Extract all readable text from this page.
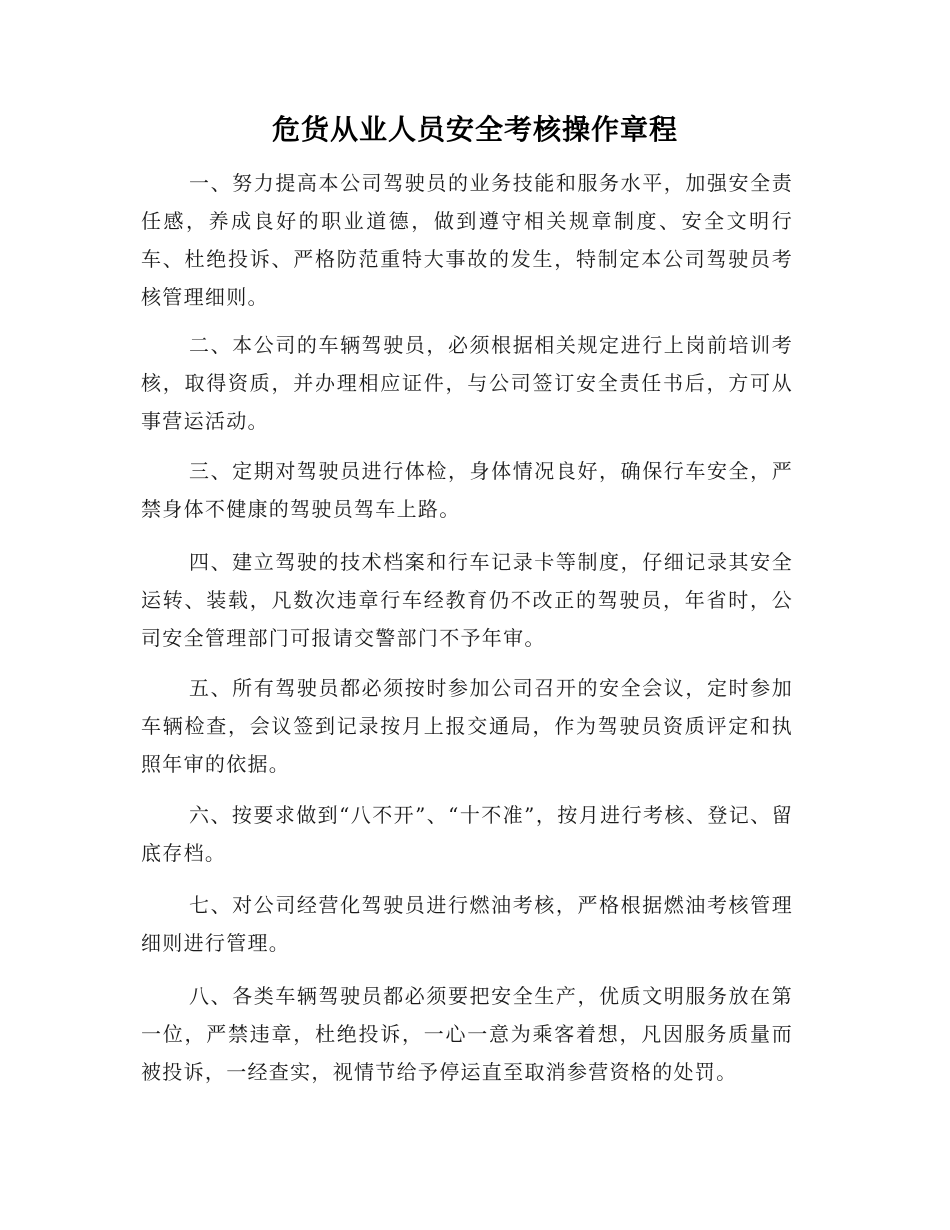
危货从业人员安全考核操作章程

一、努力提高本公司驾驶员的业务技能和服务水平，加强安全责任感，养成良好的职业道德，做到遵守相关规章制度、安全文明行车、杜绝投诉、严格防范重特大事故的发生，特制定本公司驾驶员考核管理细则。

二、本公司的车辆驾驶员，必须根据相关规定进行上岗前培训考核，取得资质，并办理相应证件，与公司签订安全责任书后，方可从事营运活动。

三、定期对驾驶员进行体检，身体情况良好，确保行车安全，严禁身体不健康的驾驶员驾车上路。

四、建立驾驶的技术档案和行车记录卡等制度，仔细记录其安全运转、装载，凡数次违章行车经教育仍不改正的驾驶员，年省时，公司安全管理部门可报请交警部门不予年审。

五、所有驾驶员都必须按时参加公司召开的安全会议，定时参加车辆检查，会议签到记录按月上报交通局，作为驾驶员资质评定和执照年审的依据。

六、按要求做到“八不开”、“十不准”，按月进行考核、登记、留底存档。

七、对公司经营化驾驶员进行燃油考核，严格根据燃油考核管理细则进行管理。

八、各类车辆驾驶员都必须要把安全生产，优质文明服务放在第一位，严禁违章，杜绝投诉，一心一意为乘客着想，凡因服务质量而被投诉，一经查实，视情节给予停运直至取消参营资格的处罚。
